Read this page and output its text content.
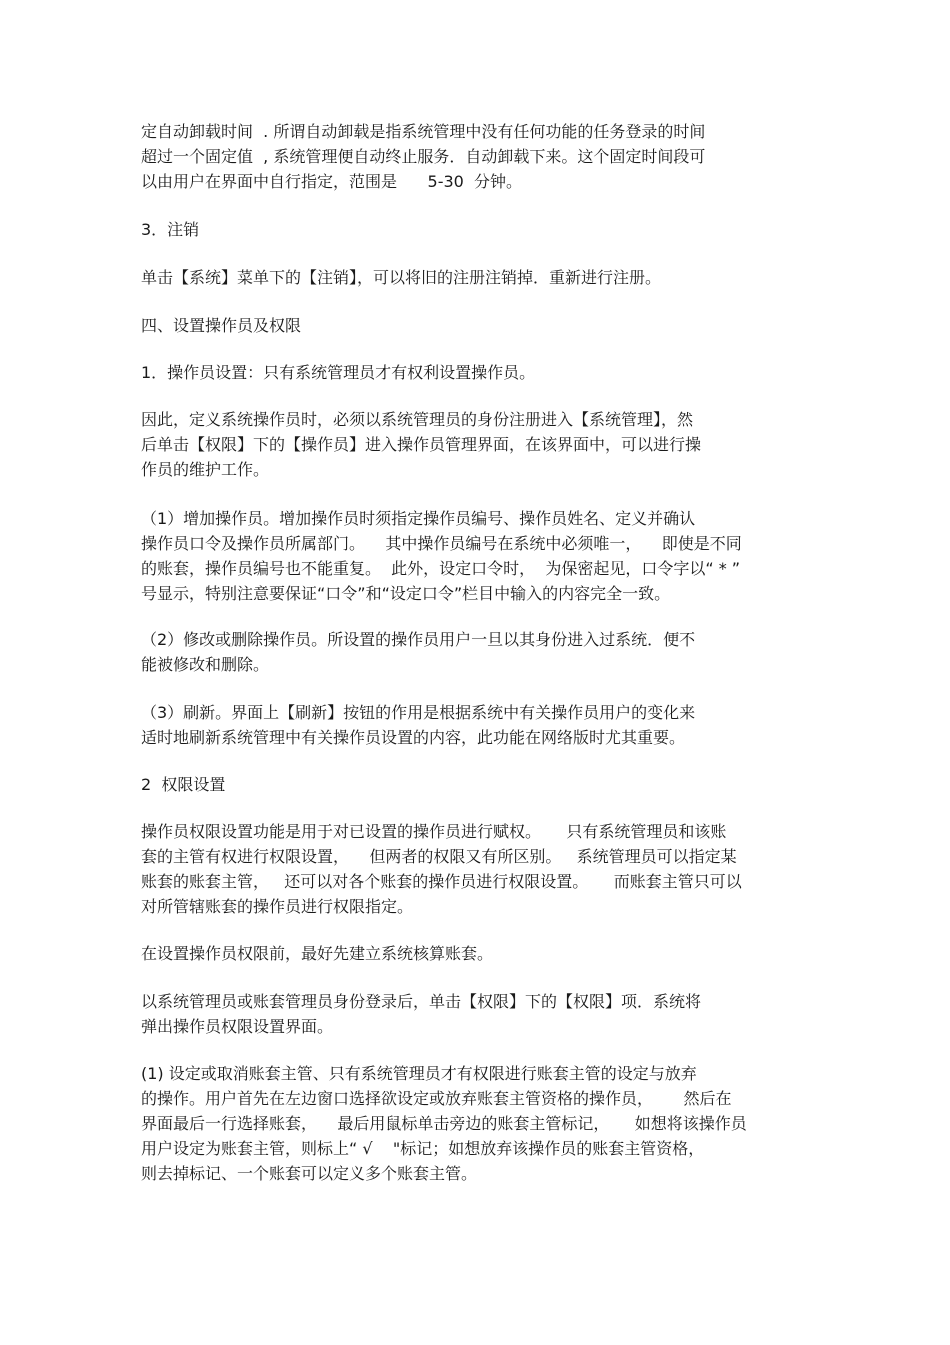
定自动卸载时间  . 所谓自动卸载是指系统管理中没有任何功能的任务登录的时间

超过一个固定值  , 系统管理便自动终止服务．自动卸载下来。这个固定时间段可

以由用户在界面中自行指定，范围是      5-30  分钟。

3．注销

单击【系统】菜单下的【注销】，可以将旧的注册注销掉．重新进行注册。

四、设置操作员及权限

1．操作员设置：只有系统管理员才有权利设置操作员。

因此，定义系统操作员时，必须以系统管理员的身份注册进入【系统管理】，然

后单击【权限】下的【操作员】进入操作员管理界面，在该界面中，可以进行操

作员的维护工作。

（1）增加操作员。增加操作员时须指定操作员编号、操作员姓名、定义并确认

操作员口令及操作员所属部门。    其中操作员编号在系统中必须唯一，    即使是不同

的账套，操作员编号也不能重复。  此外，设定口令时，  为保密起见，口令字以“ * ”

号显示，特别注意要保证“口令”和“设定口令”栏目中输入的内容完全一致。

（2）修改或删除操作员。所设置的操作员用户一旦以其身份进入过系统．便不

能被修改和删除。

（3）刷新。界面上【刷新】按钮的作用是根据系统中有关操作员用户的变化来

适时地刷新系统管理中有关操作员设置的内容，此功能在网络版时尤其重要。

2  权限设置

操作员权限设置功能是用于对已设置的操作员进行赋权。     只有系统管理员和该账

套的主管有权进行权限设置，    但两者的权限又有所区别。   系统管理员可以指定某

账套的账套主管，   还可以对各个账套的操作员进行权限设置。     而账套主管只可以

对所管辖账套的操作员进行权限指定。

在设置操作员权限前，最好先建立系统核算账套。

以系统管理员或账套管理员身份登录后，单击【权限】下的【权限】项．系统将

弹出操作员权限设置界面。

(1) 设定或取消账套主管、只有系统管理员才有权限进行账套主管的设定与放弃

的操作。用户首先在左边窗口选择欲设定或放弃账套主管资格的操作员，      然后在

界面最后一行选择账套，    最后用鼠标单击旁边的账套主管标记，     如想将该操作员

用户设定为账套主管，则标上“ √    "标记；如想放弃该操作员的账套主管资格，

则去掉标记、一个账套可以定义多个账套主管。
